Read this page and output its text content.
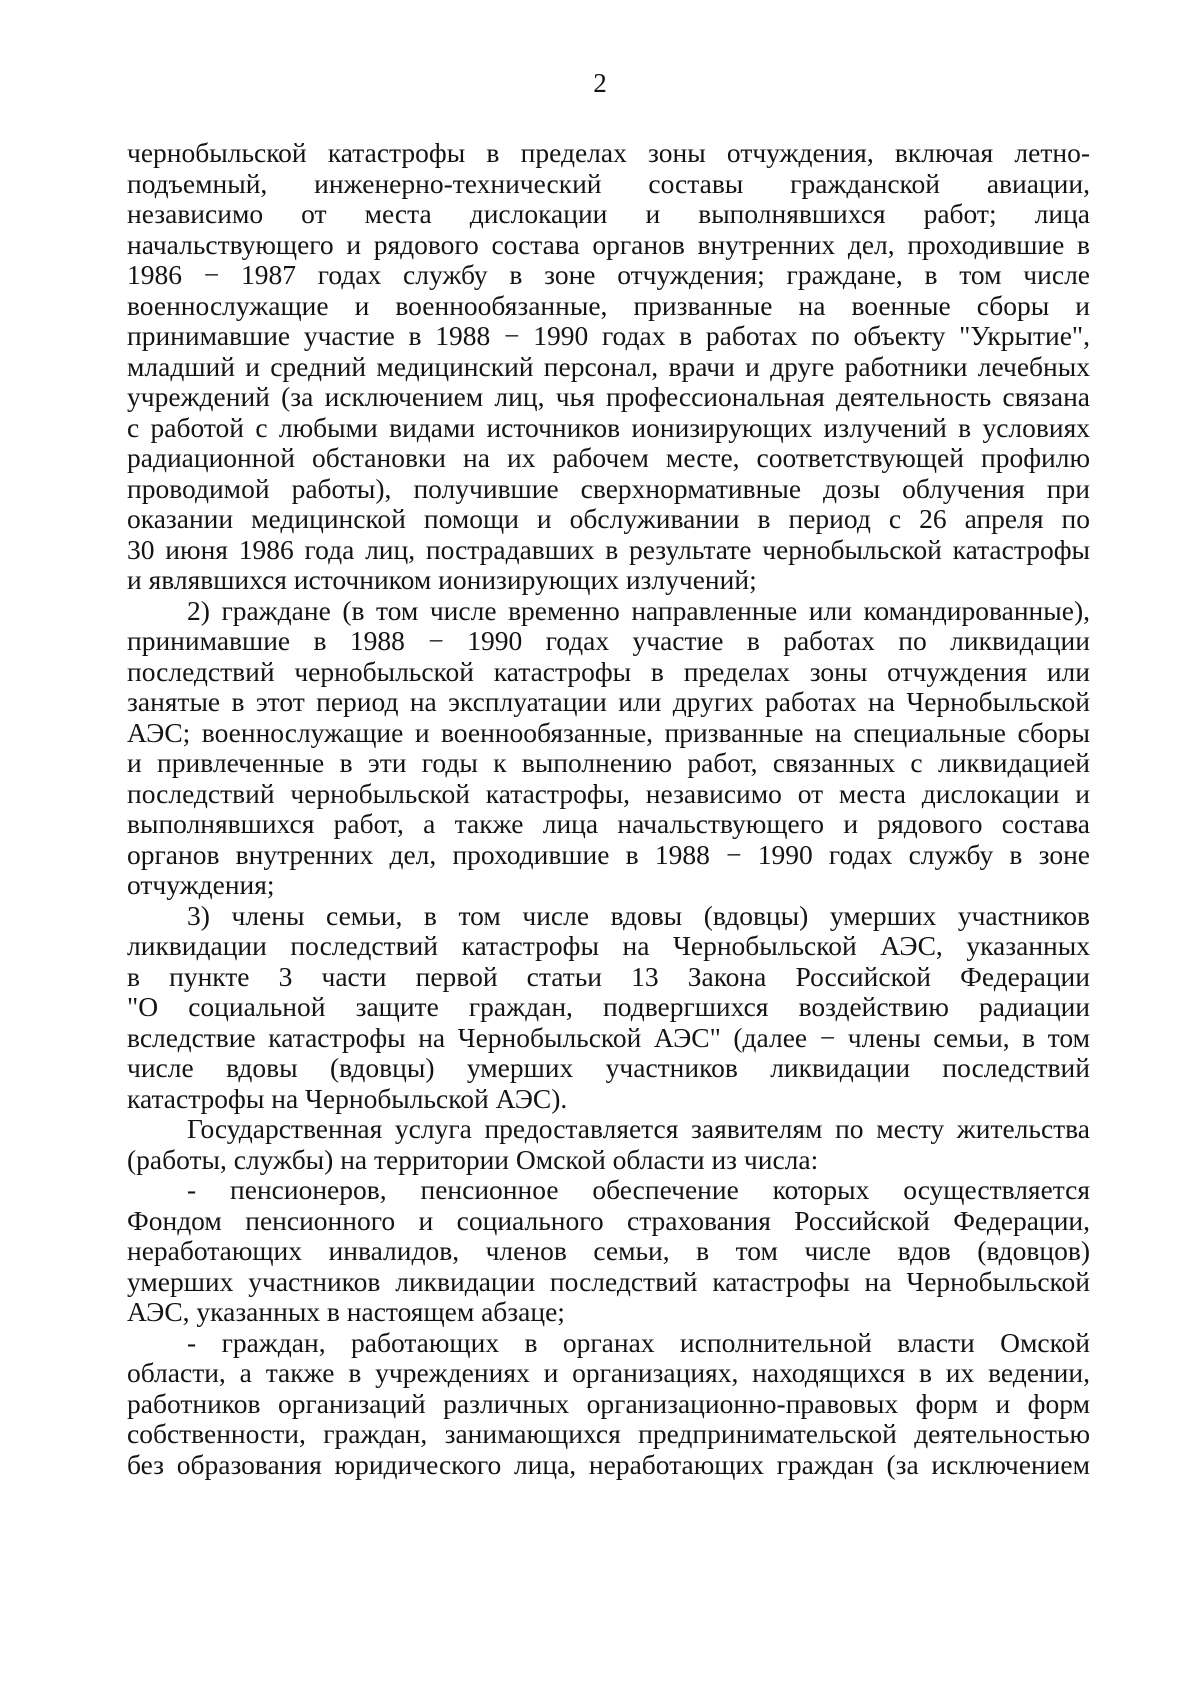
2
чернобыльской катастрофы в пределах зоны отчуждения, включая летно-
подъемный, инженерно-технический составы гражданской авиации,
независимо от места дислокации и выполнявшихся работ; лица
начальствующего и рядового состава органов внутренних дел, проходившие в
1986 − 1987 годах службу в зоне отчуждения; граждане, в том числе
военнослужащие и военнообязанные, призванные на военные сборы и
принимавшие участие в 1988 − 1990 годах в работах по объекту "Укрытие",
младший и средний медицинский персонал, врачи и друге работники лечебных
учреждений (за исключением лиц, чья профессиональная деятельность связана
с работой с любыми видами источников ионизирующих излучений в условиях
радиационной обстановки на их рабочем месте, соответствующей профилю
проводимой работы), получившие сверхнормативные дозы облучения при
оказании медицинской помощи и обслуживании в период с 26 апреля по
30 июня 1986 года лиц, пострадавших в результате чернобыльской катастрофы
и являвшихся источником ионизирующих излучений;
2) граждане (в том числе временно направленные или командированные),
принимавшие в 1988 − 1990 годах участие в работах по ликвидации
последствий чернобыльской катастрофы в пределах зоны отчуждения или
занятые в этот период на эксплуатации или других работах на Чернобыльской
АЭС; военнослужащие и военнообязанные, призванные на специальные сборы
и привлеченные в эти годы к выполнению работ, связанных с ликвидацией
последствий чернобыльской катастрофы, независимо от места дислокации и
выполнявшихся работ, а также лица начальствующего и рядового состава
органов внутренних дел, проходившие в 1988 − 1990 годах службу в зоне
отчуждения;
3) члены семьи, в том числе вдовы (вдовцы) умерших участников
ликвидации последствий катастрофы на Чернобыльской АЭС, указанных
в пункте 3 части первой статьи 13 Закона Российской Федерации
"О социальной защите граждан, подвергшихся воздействию радиации
вследствие катастрофы на Чернобыльской АЭС" (далее − члены семьи, в том
числе вдовы (вдовцы) умерших участников ликвидации последствий
катастрофы на Чернобыльской АЭС).
Государственная услуга предоставляется заявителям по месту жительства
(работы, службы) на территории Омской области из числа:
- пенсионеров, пенсионное обеспечение которых осуществляется
Фондом пенсионного и социального страхования Российской Федерации,
неработающих инвалидов, членов семьи, в том числе вдов (вдовцов)
умерших участников ликвидации последствий катастрофы на Чернобыльской
АЭС, указанных в настоящем абзаце;
- граждан, работающих в органах исполнительной власти Омской
области, а также в учреждениях и организациях, находящихся в их ведении,
работников организаций различных организационно-правовых форм и форм
собственности, граждан, занимающихся предпринимательской деятельностью
без образования юридического лица, неработающих граждан (за исключением
